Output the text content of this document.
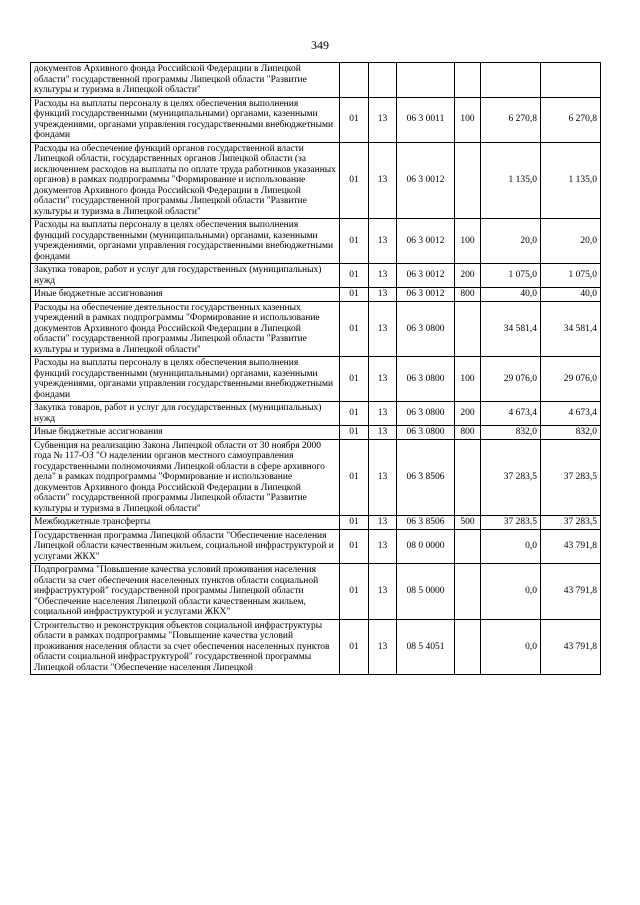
349
документов Архивного фонда Российской Федерации в Липецкой области" государственной программы Липецкой области "Развитие культуры и туризма в Липецкой области"						
Расходы на выплаты персоналу в целях обеспечения выполнения функций государственными (муниципальными) органами, казенными учреждениями, органами управления государственными внебюджетными фондами	01	13	06 3 0011	100	6 270,8	6 270,8
Расходы на обеспечение функций органов государственной власти Липецкой области, государственных органов Липецкой области (за исключением расходов на выплаты по оплате труда работников указанных органов) в рамках подпрограммы "Формирование и использование документов Архивного фонда Российской Федерации в Липецкой области" государственной программы Липецкой области "Развитие культуры и туризма в Липецкой области"	01	13	06 3 0012		1 135,0	1 135,0
Расходы на выплаты персоналу в целях обеспечения выполнения функций государственными (муниципальными) органами, казенными учреждениями, органами управления государственными внебюджетными фондами	01	13	06 3 0012	100	20,0	20,0
Закупка товаров, работ и услуг для государственных (муниципальных) нужд	01	13	06 3 0012	200	1 075,0	1 075,0
Иные бюджетные ассигнования	01	13	06 3 0012	800	40,0	40,0
Расходы на обеспечение деятельности государственных казенных учреждений в рамках подпрограммы "Формирование и использование документов Архивного фонда Российской Федерации в Липецкой области" государственной программы Липецкой области "Развитие культуры и туризма в Липецкой области"	01	13	06 3 0800		34 581,4	34 581,4
Расходы на выплаты персоналу в целях обеспечения выполнения функций государственными (муниципальными) органами, казенными учреждениями, органами управления государственными внебюджетными фондами	01	13	06 3 0800	100	29 076,0	29 076,0
Закупка товаров, работ и услуг для государственных (муниципальных) нужд	01	13	06 3 0800	200	4 673,4	4 673,4
Иные бюджетные ассигнования	01	13	06 3 0800	800	832,0	832,0
Субвенция на реализацию Закона Липецкой области от 30 ноября 2000 года № 117-ОЗ "О наделении органов местного самоуправления государственными полномочиями Липецкой области в сфере архивного дела" в рамках подпрограммы "Формирование и использование документов Архивного фонда Российской Федерации в Липецкой области" государственной программы Липецкой области "Развитие культуры и туризма в Липецкой области"	01	13	06 3 8506		37 283,5	37 283,5
Межбюджетные трансферты	01	13	06 3 8506	500	37 283,5	37 283,5
Государственная программа Липецкой области "Обеспечение населения Липецкой области качественным жильем, социальной инфраструктурой и услугами ЖКХ"	01	13	08 0 0000		0,0	43 791,8
Подпрограмма "Повышение качества условий проживания населения области за счет обеспечения населенных пунктов области социальной инфраструктурой" государственной программы Липецкой области "Обеспечение населения Липецкой области качественным жильем, социальной инфраструктурой и услугами ЖКХ"	01	13	08 5 0000		0,0	43 791,8
Строительство и реконструкция объектов социальной инфраструктуры области в рамках подпрограммы "Повышение качества условий проживания населения области за счет обеспечения населенных пунктов области социальной инфраструктурой" государственной программы Липецкой области "Обеспечение населения Липецкой	01	13	08 5 4051		0,0	43 791,8
